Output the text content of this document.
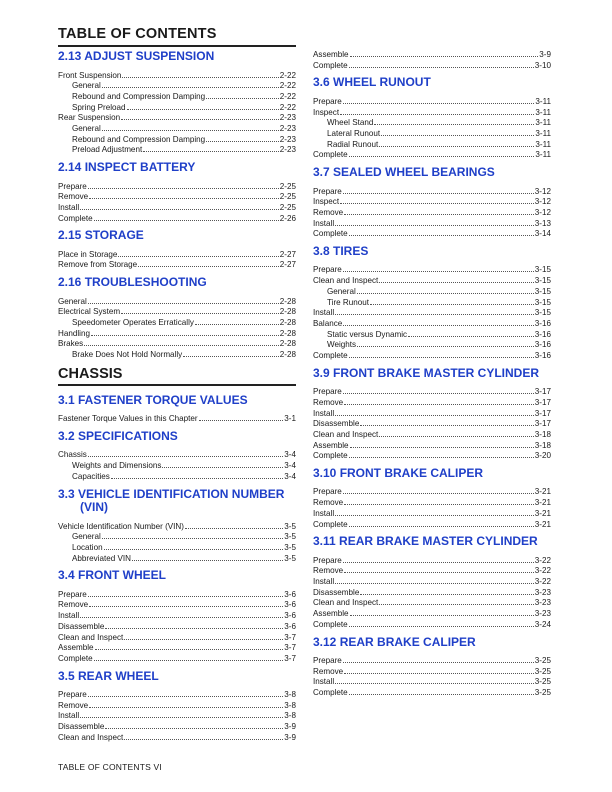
TABLE OF CONTENTS
2.13 ADJUST SUSPENSION
Front Suspension	2-22
General	2-22
Rebound and Compression Damping	2-22
Spring Preload	2-22
Rear Suspension	2-23
General	2-23
Rebound and Compression Damping	2-23
Preload Adjustment	2-23
2.14 INSPECT BATTERY
Prepare	2-25
Remove	2-25
Install	2-25
Complete	2-26
2.15 STORAGE
Place in Storage	2-27
Remove from Storage	2-27
2.16 TROUBLESHOOTING
General	2-28
Electrical System	2-28
Speedometer Operates Erratically	2-28
Handling	2-28
Brakes	2-28
Brake Does Not Hold Normally	2-28
CHASSIS
3.1 FASTENER TORQUE VALUES
Fastener Torque Values in this Chapter	3-1
3.2 SPECIFICATIONS
Chassis	3-4
Weights and Dimensions	3-4
Capacities	3-4
3.3 VEHICLE IDENTIFICATION NUMBER (VIN)
Vehicle Identification Number (VIN)	3-5
General	3-5
Location	3-5
Abbreviated VIN	3-5
3.4 FRONT WHEEL
Prepare	3-6
Remove	3-6
Install	3-6
Disassemble	3-6
Clean and Inspect	3-7
Assemble	3-7
Complete	3-7
3.5 REAR WHEEL
Prepare	3-8
Remove	3-8
Install	3-8
Disassemble	3-9
Clean and Inspect	3-9
Assemble	3-9
Complete	3-10
3.6 WHEEL RUNOUT
Prepare	3-11
Inspect	3-11
Wheel Stand	3-11
Lateral Runout	3-11
Radial Runout	3-11
Complete	3-11
3.7 SEALED WHEEL BEARINGS
Prepare	3-12
Inspect	3-12
Remove	3-12
Install	3-13
Complete	3-14
3.8 TIRES
Prepare	3-15
Clean and Inspect	3-15
General	3-15
Tire Runout	3-15
Install	3-15
Balance	3-16
Static versus Dynamic	3-16
Weights	3-16
Complete	3-16
3.9 FRONT BRAKE MASTER CYLINDER
Prepare	3-17
Remove	3-17
Install	3-17
Disassemble	3-17
Clean and Inspect	3-18
Assemble	3-18
Complete	3-20
3.10 FRONT BRAKE CALIPER
Prepare	3-21
Remove	3-21
Install	3-21
Complete	3-21
3.11 REAR BRAKE MASTER CYLINDER
Prepare	3-22
Remove	3-22
Install	3-22
Disassemble	3-23
Clean and Inspect	3-23
Assemble	3-23
Complete	3-24
3.12 REAR BRAKE CALIPER
Prepare	3-25
Remove	3-25
Install	3-25
Complete	3-25
TABLE OF CONTENTS VI
